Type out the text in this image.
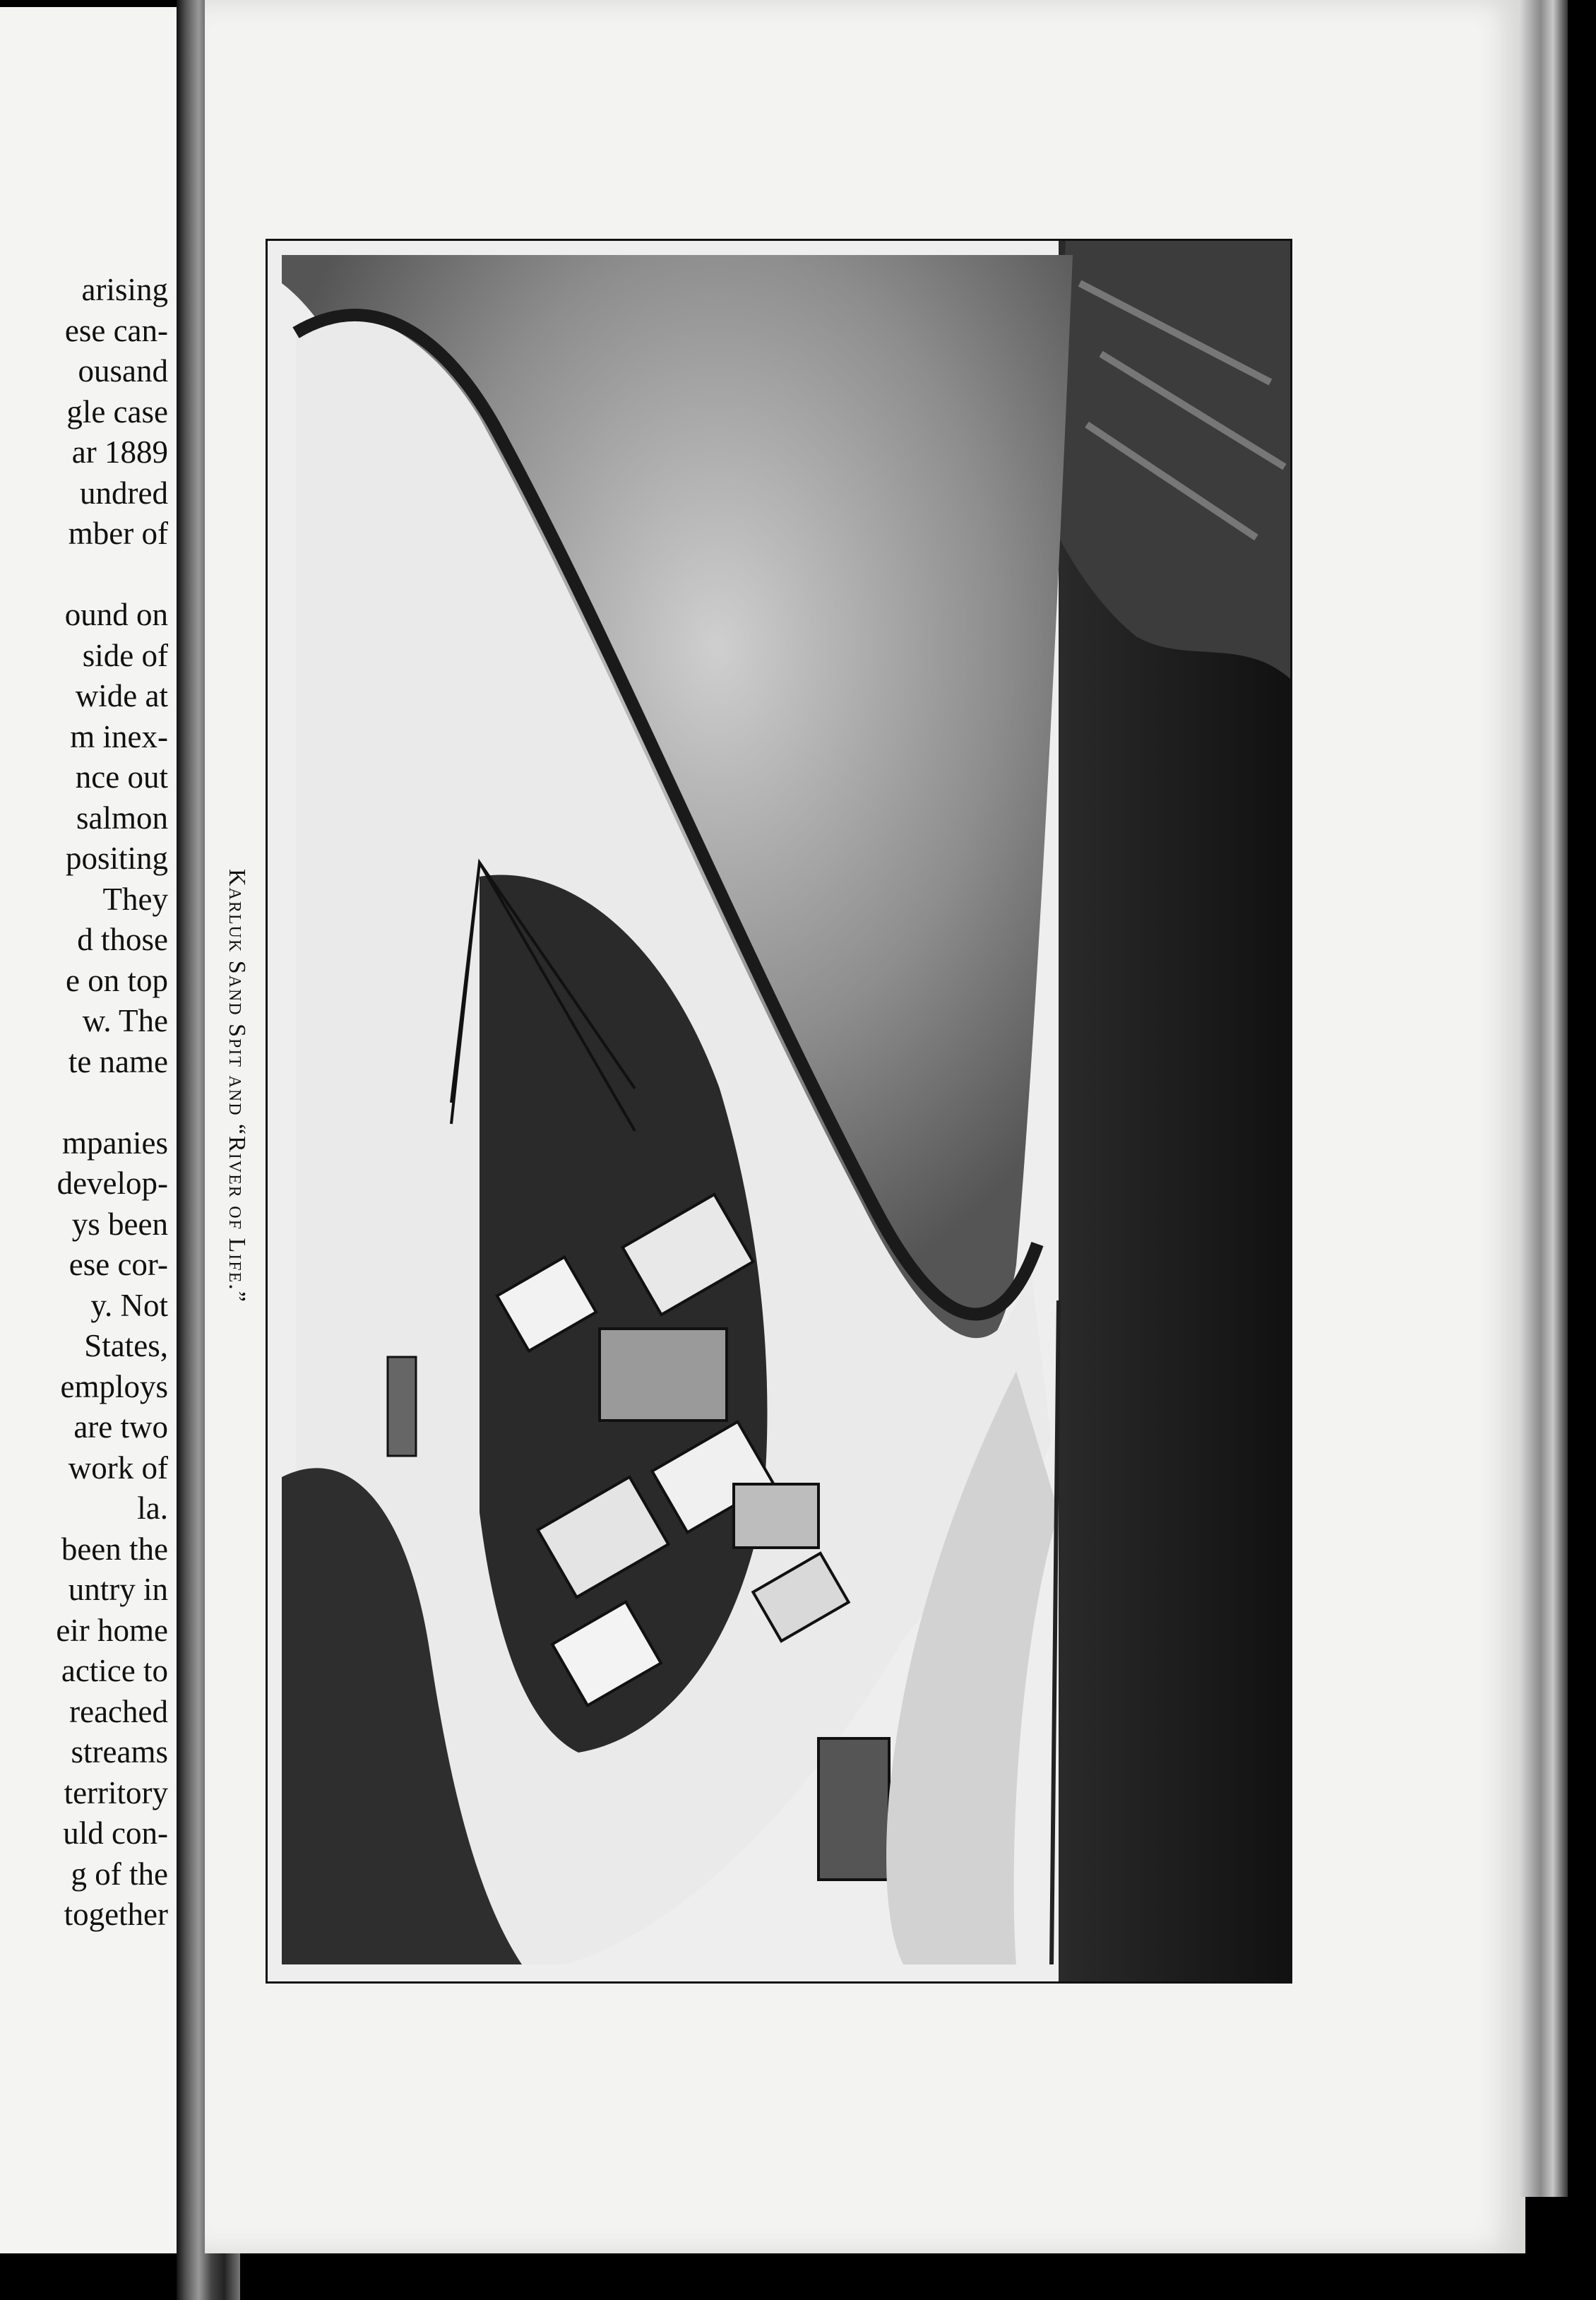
arising
ese can-
ousand
gle case
ar 1889
undred
mber of
ound on
side of
wide at
m inex-
nce out
salmon
positing
They
d those
e on top
w. The
te name
mpanies
develop-
ys been
ese cor-
y. Not
States,
employs
are two
work of
la.
been the
untry in
eir home
actice to
reached
streams
territory
uld con-
g of the
together
Karluk Sand Spit and “River of Life.”
